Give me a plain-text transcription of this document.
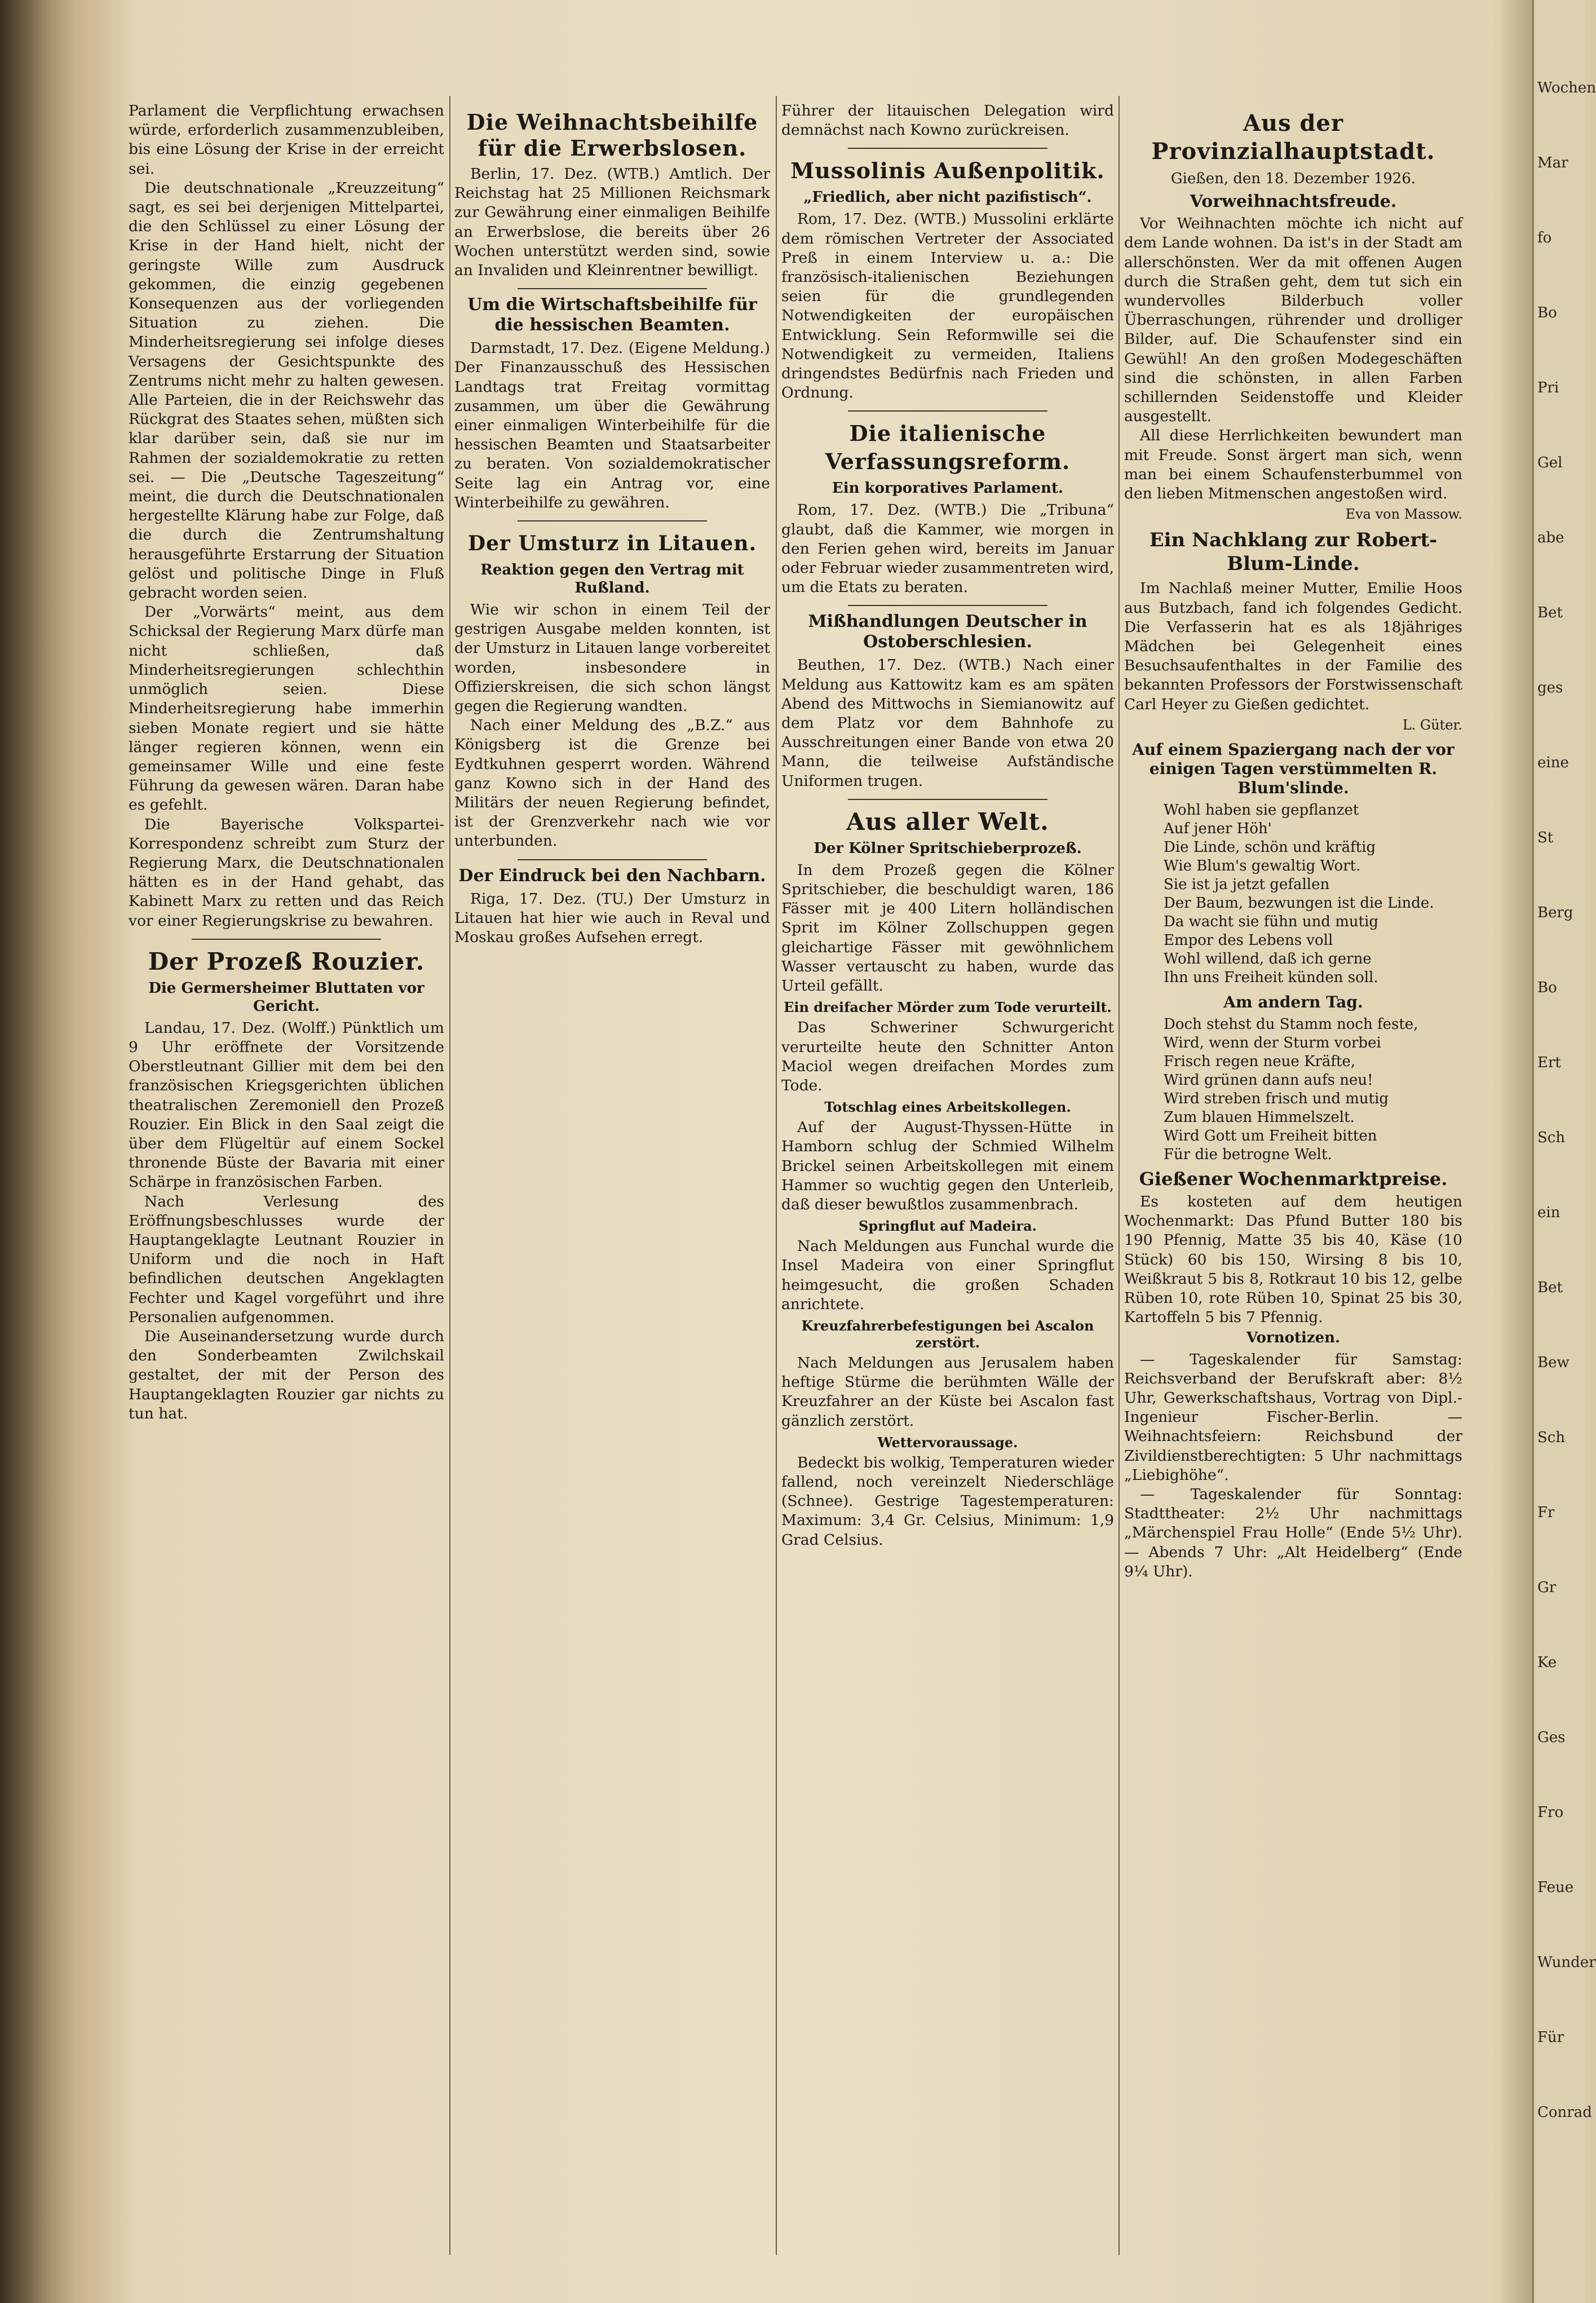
Parlament die Verpflichtung erwachsen würde, erforderlich zusammenzubleiben, bis eine Lösung der Krise in der erreicht sei.

Die deutschnationale „Kreuzzeitung“ sagt, es sei bei derjenigen Mittelpartei, die den Schlüssel zu einer Lösung der Krise in der Hand hielt, nicht der geringste Wille zum Ausdruck gekommen, die einzig gegebenen Konsequenzen aus der vorliegenden Situation zu ziehen. Die Minderheitsregierung sei infolge dieses Versagens der Gesichtspunkte des Zentrums nicht mehr zu halten gewesen. Alle Parteien, die in der Reichswehr das Rückgrat des Staates sehen, müßten sich klar darüber sein, daß sie nur im Rahmen der sozialdemokratie zu retten sei. — Die „Deutsche Tageszeitung“ meint, die durch die Deutschnationalen hergestellte Klärung habe zur Folge, daß die durch die Zentrumshaltung herausgeführte Erstarrung der Situation gelöst und politische Dinge in Fluß gebracht worden seien.

Der „Vorwärts“ meint, aus dem Schicksal der Regierung Marx dürfe man nicht schließen, daß Minderheitsregierungen schlechthin unmöglich seien. Diese Minderheitsregierung habe immerhin sieben Monate regiert und sie hätte länger regieren können, wenn ein gemeinsamer Wille und eine feste Führung da gewesen wären. Daran habe es gefehlt.

Die Bayerische Volkspartei-Korrespondenz schreibt zum Sturz der Regierung Marx, die Deutschnationalen hätten es in der Hand gehabt, das Kabinett Marx zu retten und das Reich vor einer Regierungskrise zu bewahren.

Der Prozeß Rouzier.
Die Germersheimer Bluttaten vor Gericht.

Landau, 17. Dez. (Wolff.) Pünktlich um 9 Uhr eröffnete der Vorsitzende Oberstleutnant Gillier mit dem bei den französischen Kriegsgerichten üblichen theatralischen Zeremoniell den Prozeß Rouzier. Ein Blick in den Saal zeigt die über dem Flügeltür auf einem Sockel thronende Büste der Bavaria mit einer Schärpe in französischen Farben.

Nach Verlesung des Eröffnungsbeschlusses wurde der Hauptangeklagte Leutnant Rouzier in Uniform und die noch in Haft befindlichen deutschen Angeklagten Fechter und Kagel vorgeführt und ihre Personalien aufgenommen.

Die Auseinandersetzung wurde durch den Sonderbeamten Zwilchskail gestaltet, der mit der Person des Hauptangeklagten Rouzier gar nichts zu tun hat.

Die Weihnachtsbeihilfe für die Erwerbslosen.

Berlin, 17. Dez. (WTB.) Amtlich. Der Reichstag hat 25 Millionen Reichsmark zur Gewährung einer einmaligen Beihilfe an Erwerbslose, die bereits über 26 Wochen unterstützt werden sind, sowie an Invaliden und Kleinrentner bewilligt.

Um die Wirtschaftsbeihilfe für die hessischen Beamten.

Darmstadt, 17. Dez. (Eigene Meldung.) Der Finanzausschuß des Hessischen Landtags trat Freitag vormittag zusammen, um über die Gewährung einer einmaligen Winterbeihilfe für die hessischen Beamten und Staatsarbeiter zu beraten. Von sozialdemokratischer Seite lag ein Antrag vor, eine Winterbeihilfe zu gewähren.

Der Umsturz in Litauen.
Reaktion gegen den Vertrag mit Rußland.

Wie wir schon in einem Teil der gestrigen Ausgabe melden konnten, ist der Umsturz in Litauen lange vorbereitet worden, insbesondere in Offizierskreisen, die sich schon längst gegen die Regierung wandten.

Nach einer Meldung des „B.Z.“ aus Königsberg ist die Grenze bei Eydtkuhnen gesperrt worden. Während ganz Kowno sich in der Hand des Militärs der neuen Regierung befindet, ist der Grenzverkehr nach wie vor unterbunden.

Der Eindruck bei den Nachbarn.

Riga, 17. Dez. (TU.) Der Umsturz in Litauen hat hier wie auch in Reval und Moskau großes Aufsehen erregt.

Führer der litauischen Delegation wird demnächst nach Kowno zurückreisen.

Mussolinis Außenpolitik.
„Friedlich, aber nicht pazifistisch“.

Rom, 17. Dez. (WTB.) Mussolini erklärte dem römischen Vertreter der Associated Preß in einem Interview u. a.: Die französisch-italienischen Beziehungen seien für die grundlegenden Notwendigkeiten der europäischen Entwicklung. Sein Reformwille sei die Notwendigkeit zu vermeiden, Italiens dringendstes Bedürfnis nach Frieden und Ordnung.

Die italienische Verfassungsreform.
Ein korporatives Parlament.

Rom, 17. Dez. (WTB.) Die „Tribuna“ glaubt, daß die Kammer, wie morgen in den Ferien gehen wird, bereits im Januar oder Februar wieder zusammentreten wird, um die Etats zu beraten.

Mißhandlungen Deutscher in Ostoberschlesien.

Beuthen, 17. Dez. (WTB.) Nach einer Meldung aus Kattowitz kam es am späten Abend des Mittwochs in Siemianowitz auf dem Platz vor dem Bahnhofe zu Ausschreitungen einer Bande von etwa 20 Mann, die teilweise Aufständische Uniformen trugen.

Aus aller Welt.
Der Kölner Spritschieberprozeß.

In dem Prozeß gegen die Kölner Spritschieber, die beschuldigt waren, 186 Fässer mit je 400 Litern holländischen Sprit im Kölner Zollschuppen gegen gleichartige Fässer mit gewöhnlichem Wasser vertauscht zu haben, wurde das Urteil gefällt.

Ein dreifacher Mörder zum Tode verurteilt.

Das Schweriner Schwurgericht verurteilte heute den Schnitter Anton Maciol wegen dreifachen Mordes zum Tode.

Totschlag eines Arbeitskollegen.

Auf der August-Thyssen-Hütte in Hamborn schlug der Schmied Wilhelm Brickel seinen Arbeitskollegen mit einem Hammer so wuchtig gegen den Unterleib, daß dieser bewußtlos zusammenbrach.

Springflut auf Madeira.

Nach Meldungen aus Funchal wurde die Insel Madeira von einer Springflut heimgesucht, die großen Schaden anrichtete.

Kreuzfahrerbefestigungen bei Ascalon zerstört.

Nach Meldungen aus Jerusalem haben heftige Stürme die berühmten Wälle der Kreuzfahrer an der Küste bei Ascalon fast gänzlich zerstört.

Wettervoraussage.

Bedeckt bis wolkig, Temperaturen wieder fallend, noch vereinzelt Niederschläge (Schnee). Gestrige Tagestemperaturen: Maximum: 3,4 Gr. Celsius, Minimum: 1,9 Grad Celsius.

Aus der Provinzialhauptstadt.
Gießen, den 18. Dezember 1926.
Vorweihnachtsfreude.

Vor Weihnachten möchte ich nicht auf dem Lande wohnen. Da ist's in der Stadt am allerschönsten. Wer da mit offenen Augen durch die Straßen geht, dem tut sich ein wundervolles Bilderbuch voller Überraschungen, rührender und drolliger Bilder, auf. Die Schaufenster sind ein Gewühl! An den großen Modegeschäften sind die schönsten, in allen Farben schillernden Seidenstoffe und Kleider ausgestellt.

All diese Herrlichkeiten bewundert man mit Freude. Sonst ärgert man sich, wenn man bei einem Schaufensterbummel von den lieben Mitmenschen angestoßen wird.

Eva von Massow.
Ein Nachklang zur Robert-Blum-Linde.

Im Nachlaß meiner Mutter, Emilie Hoos aus Butzbach, fand ich folgendes Gedicht. Die Verfasserin hat es als 18jähriges Mädchen bei Gelegenheit eines Besuchsaufenthaltes in der Familie des bekannten Professors der Forstwissenschaft Carl Heyer zu Gießen gedichtet.

L. Güter.
Auf einem Spaziergang nach der vor einigen Tagen verstümmelten R. Blum'slinde.
Wohl haben sie gepflanzet
Auf jener Höh'
Die Linde, schön und kräftig
Wie Blum's gewaltig Wort.
Sie ist ja jetzt gefallen
Der Baum, bezwungen ist die Linde.
Da wacht sie fühn und mutig
Empor des Lebens voll
Wohl willend, daß ich gerne
Ihn uns Freiheit künden soll.
Am andern Tag.
Doch stehst du Stamm noch feste,
Wird, wenn der Sturm vorbei
Frisch regen neue Kräfte,
Wird grünen dann aufs neu!
Wird streben frisch und mutig
Zum blauen Himmelszelt.
Wird Gott um Freiheit bitten
Für die betrogne Welt.
Gießener Wochenmarktpreise.

Es kosteten auf dem heutigen Wochenmarkt: Das Pfund Butter 180 bis 190 Pfennig, Matte 35 bis 40, Käse (10 Stück) 60 bis 150, Wirsing 8 bis 10, Weißkraut 5 bis 8, Rotkraut 10 bis 12, gelbe Rüben 10, rote Rüben 10, Spinat 25 bis 30, Kartoffeln 5 bis 7 Pfennig.

Vornotizen.

— Tageskalender für Samstag: Reichsverband der Berufskraft aber: 8½ Uhr, Gewerkschaftshaus, Vortrag von Dipl.-Ingenieur Fischer-Berlin. — Weihnachtsfeiern: Reichsbund der Zivildienstberechtigten: 5 Uhr nachmittags „Liebighöhe“.

— Tageskalender für Sonntag: Stadttheater: 2½ Uhr nachmittags „Märchenspiel Frau Holle“ (Ende 5½ Uhr). — Abends 7 Uhr: „Alt Heidelberg“ (Ende 9¼ Uhr).

Wochen
Mar
fo
Bo
Pri
Gel
abe
Bet
ges
eine
St
Berg
Bo
Ert
Sch
ein
Bet
Bew
Sch
Fr
Gr
Ke
Ges
Fro
Feue
Wunder
Für
Conrad
